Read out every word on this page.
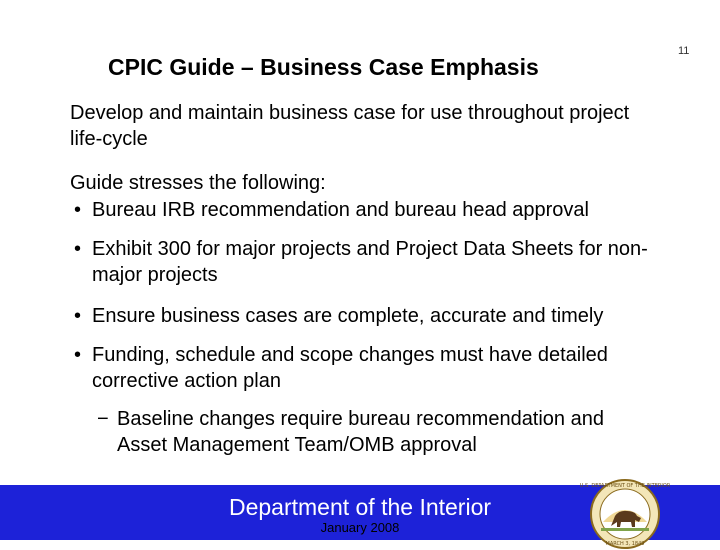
11
CPIC Guide – Business Case Emphasis
Develop and maintain business case for use throughout project life-cycle
Guide stresses the following:
• Bureau IRB recommendation and bureau head approval
• Exhibit 300 for major projects and Project Data Sheets for non-major projects
• Ensure business cases are complete, accurate and timely
• Funding, schedule and scope changes must have detailed corrective action plan
− Baseline changes require bureau recommendation and Asset Management Team/OMB approval
Department of the Interior
January 2008
U.S. DEPARTMENT OF THE INTERIOR
MARCH 3, 1849
